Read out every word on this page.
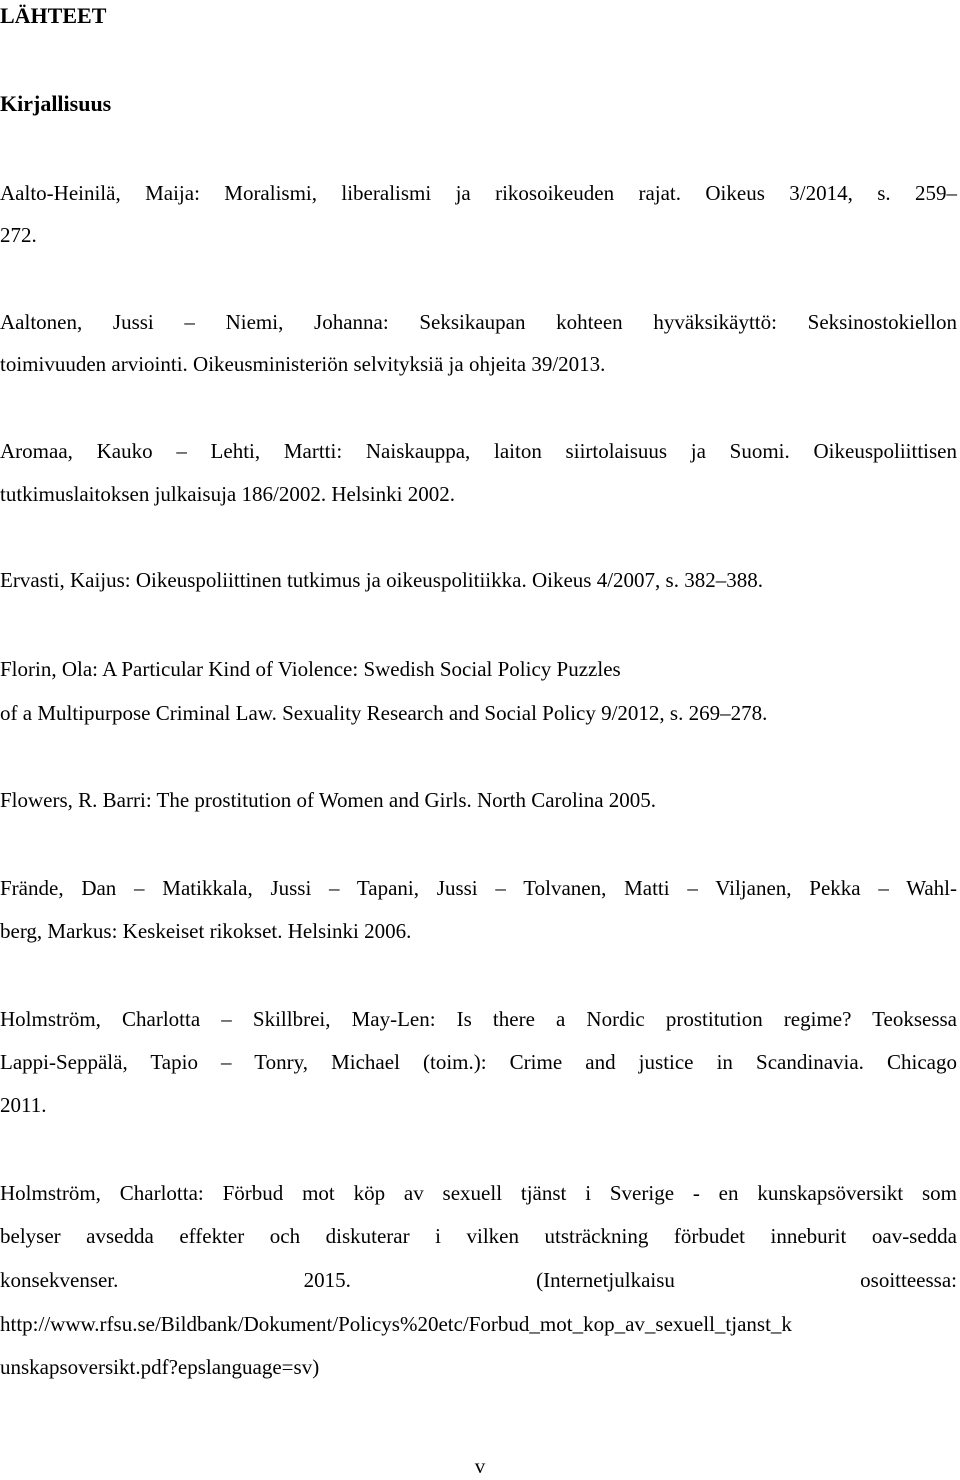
LÄHTEET
Kirjallisuus
Aalto-Heinilä, Maija: Moralismi, liberalismi ja rikosoikeuden rajat. Oikeus 3/2014, s. 259–
272.
Aaltonen, Jussi – Niemi, Johanna: Seksikaupan kohteen hyväksikäyttö: Seksinostokiellon
toimivuuden arviointi. Oikeusministeriön selvityksiä ja ohjeita 39/2013.
Aromaa, Kauko – Lehti, Martti: Naiskauppa, laiton siirtolaisuus ja Suomi. Oikeuspoliittisen
tutkimuslaitoksen julkaisuja 186/2002. Helsinki 2002.
Ervasti, Kaijus: Oikeuspoliittinen tutkimus ja oikeuspolitiikka. Oikeus 4/2007, s. 382–388.
Florin, Ola: A Particular Kind of Violence: Swedish Social Policy Puzzles
of a Multipurpose Criminal Law. Sexuality Research and Social Policy 9/2012, s. 269–278.
Flowers, R. Barri: The prostitution of Women and Girls. North Carolina 2005.
Frände, Dan – Matikkala, Jussi – Tapani, Jussi – Tolvanen, Matti – Viljanen, Pekka – Wahl-
berg, Markus: Keskeiset rikokset. Helsinki 2006.
Holmström, Charlotta – Skillbrei, May-Len: Is there a Nordic prostitution regime? Teoksessa
Lappi-Seppälä, Tapio – Tonry, Michael (toim.): Crime and justice in Scandinavia. Chicago
2011.
Holmström, Charlotta: Förbud mot köp av sexuell tjänst i Sverige - en kunskapsöversikt som
belyser avsedda effekter och diskuterar i vilken utsträckning förbudet inneburit oav-sedda
konsekvenser. 2015. (Internetjulkaisu osoitteessa:
http://www.rfsu.se/Bildbank/Dokument/Policys%20etc/Forbud_mot_kop_av_sexuell_tjanst_k
unskapsoversikt.pdf?epslanguage=sv)
v
